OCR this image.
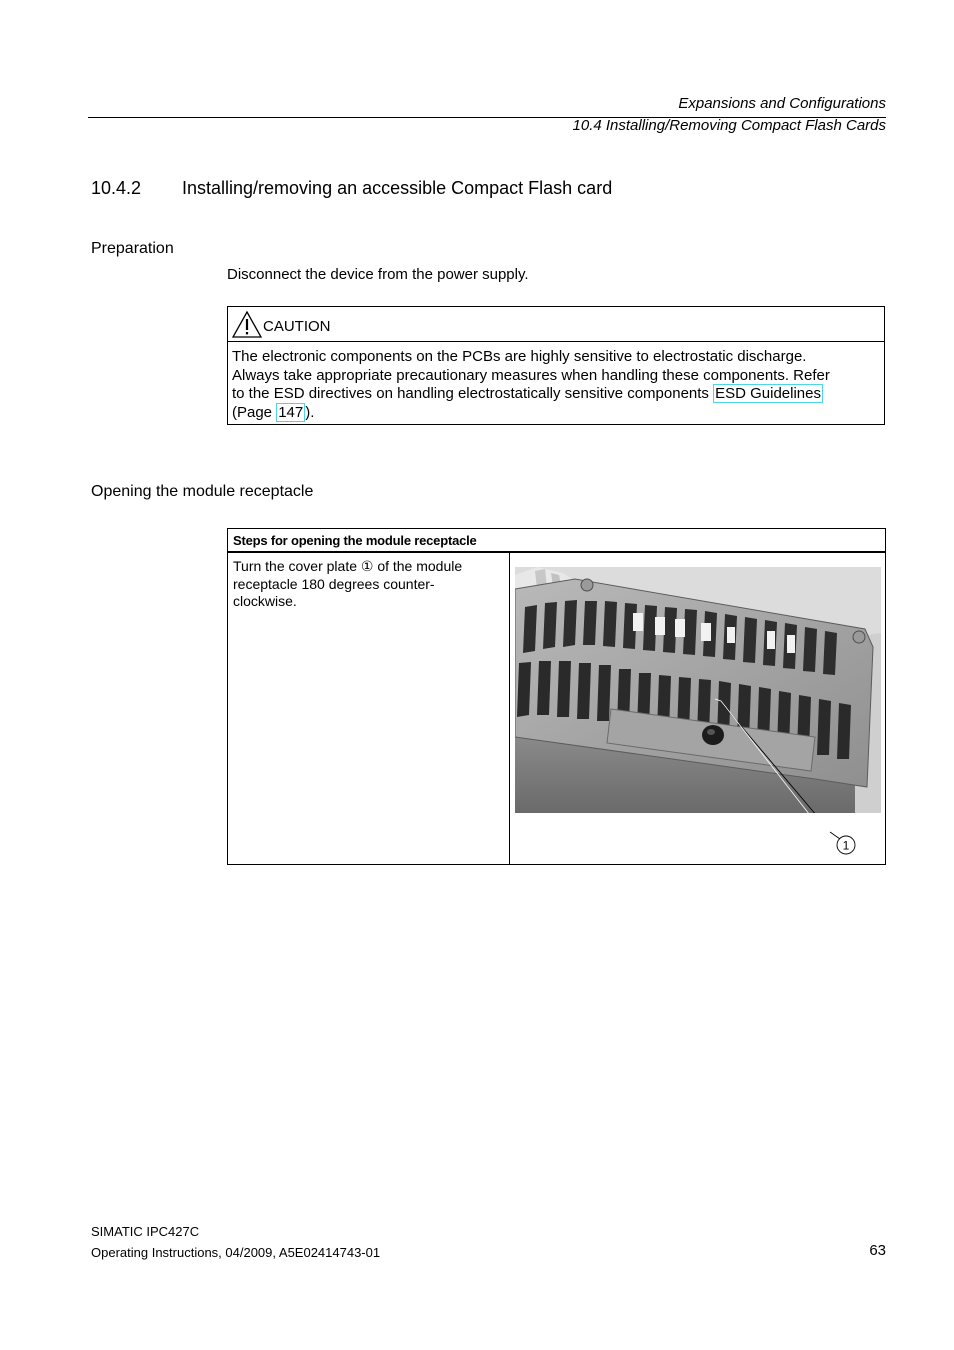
Expansions and Configurations
10.4 Installing/Removing Compact Flash Cards
10.4.2 Installing/removing an accessible Compact Flash card
Preparation
Disconnect the device from the power supply.
CAUTION
The electronic components on the PCBs are highly sensitive to electrostatic discharge.
Always take appropriate precautionary measures when handling these components. Refer
to the ESD directives on handling electrostatically sensitive components ESD Guidelines
(Page 147 ).
Opening the module receptacle
Steps for opening the module receptacle
Turn the cover plate ① of the module
receptacle 180 degrees counter-
clockwise.
1
SIMATIC IPC427C
Operating Instructions, 04/2009, A5E02414743-01	63
